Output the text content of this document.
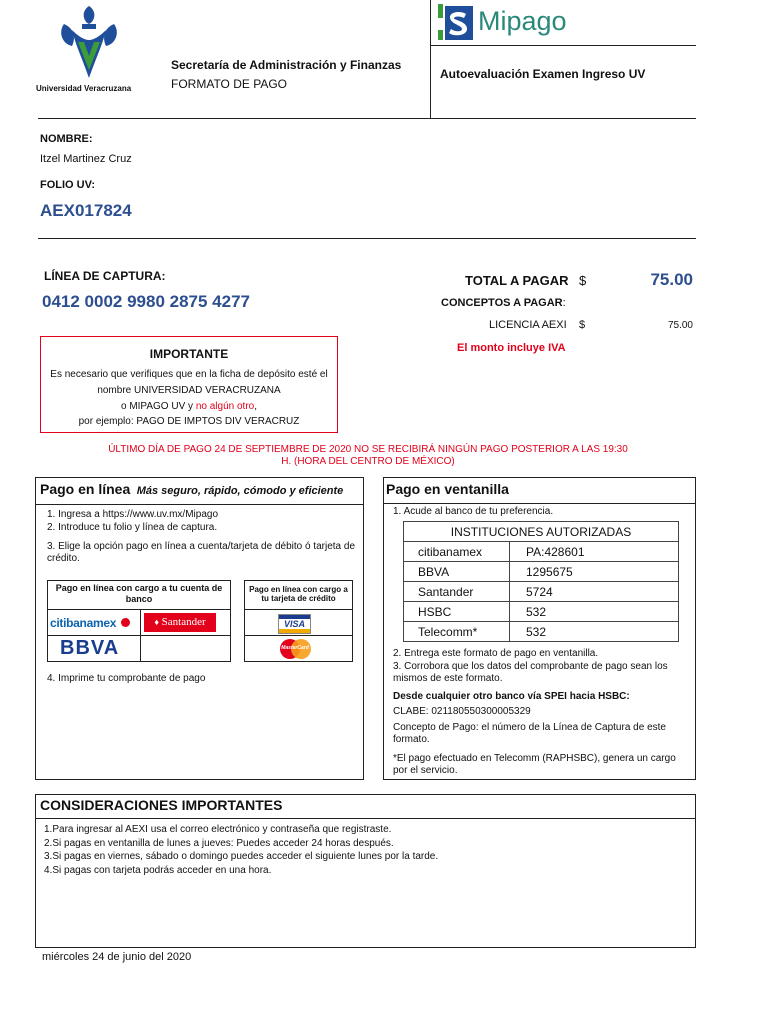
Universidad Veracruzana
Secretaría de Administración y Finanzas
FORMATO DE PAGO
Mipago
Autoevaluación Examen Ingreso UV
NOMBRE:
Itzel Martinez Cruz
FOLIO UV:
AEX017824
LÍNEA DE CAPTURA:
0412 0002 9980 2875 4277
TOTAL A PAGAR $	75.00
CONCEPTOS A PAGAR:
LICENCIA AEXI $	75.00
El monto incluye IVA
IMPORTANTE
Es necesario que verifiques que en la ficha de depósito esté el
nombre UNIVERSIDAD VERACRUZANA
o MIPAGO UV y no algún otro,
por ejemplo: PAGO DE IMPTOS DIV VERACRUZ
ÚLTIMO DÍA DE PAGO 24 DE SEPTIEMBRE DE 2020 NO SE RECIBIRÁ NINGÚN PAGO POSTERIOR A LAS 19:30
H. (HORA DEL CENTRO DE MÉXICO)
Pago en línea Más seguro, rápido, cómodo y eficiente
1. Ingresa a https://www.uv.mx/Mipago
2. Introduce tu folio y línea de captura.
3. Elige la opción pago en línea a cuenta/tarjeta de débito ó tarjeta de
crédito.
Pago en línea con cargo a tu cuenta de banco
citibanamex	♦ Santander
BBVA
Pago en línea con cargo a tu tarjeta de crédito
VISA
MasterCard
4. Imprime tu comprobante de pago
Pago en ventanilla
1. Acude al banco de tu preferencia.
INSTITUCIONES AUTORIZADAS
citibanamex	PA:428601
BBVA	1295675
Santander	5724
HSBC	532
Telecomm*	532
2. Entrega este formato de pago en ventanilla.
3. Corrobora que los datos del comprobante de pago sean los
mismos de este formato.
Desde cualquier otro banco vía SPEI hacia HSBC:
CLABE: 021180550300005329
Concepto de Pago: el número de la Línea de Captura de este
formato.
*El pago efectuado en Telecomm (RAPHSBC), genera un cargo
por el servicio.
CONSIDERACIONES IMPORTANTES
1.Para ingresar al AEXI usa el correo electrónico y contraseña que registraste.
2.Si pagas en ventanilla de lunes a jueves: Puedes acceder 24 horas después.
3.Si pagas en viernes, sábado o domingo puedes acceder el siguiente lunes por la tarde.
4.Si pagas con tarjeta podrás acceder en una hora.
miércoles 24 de junio del 2020
